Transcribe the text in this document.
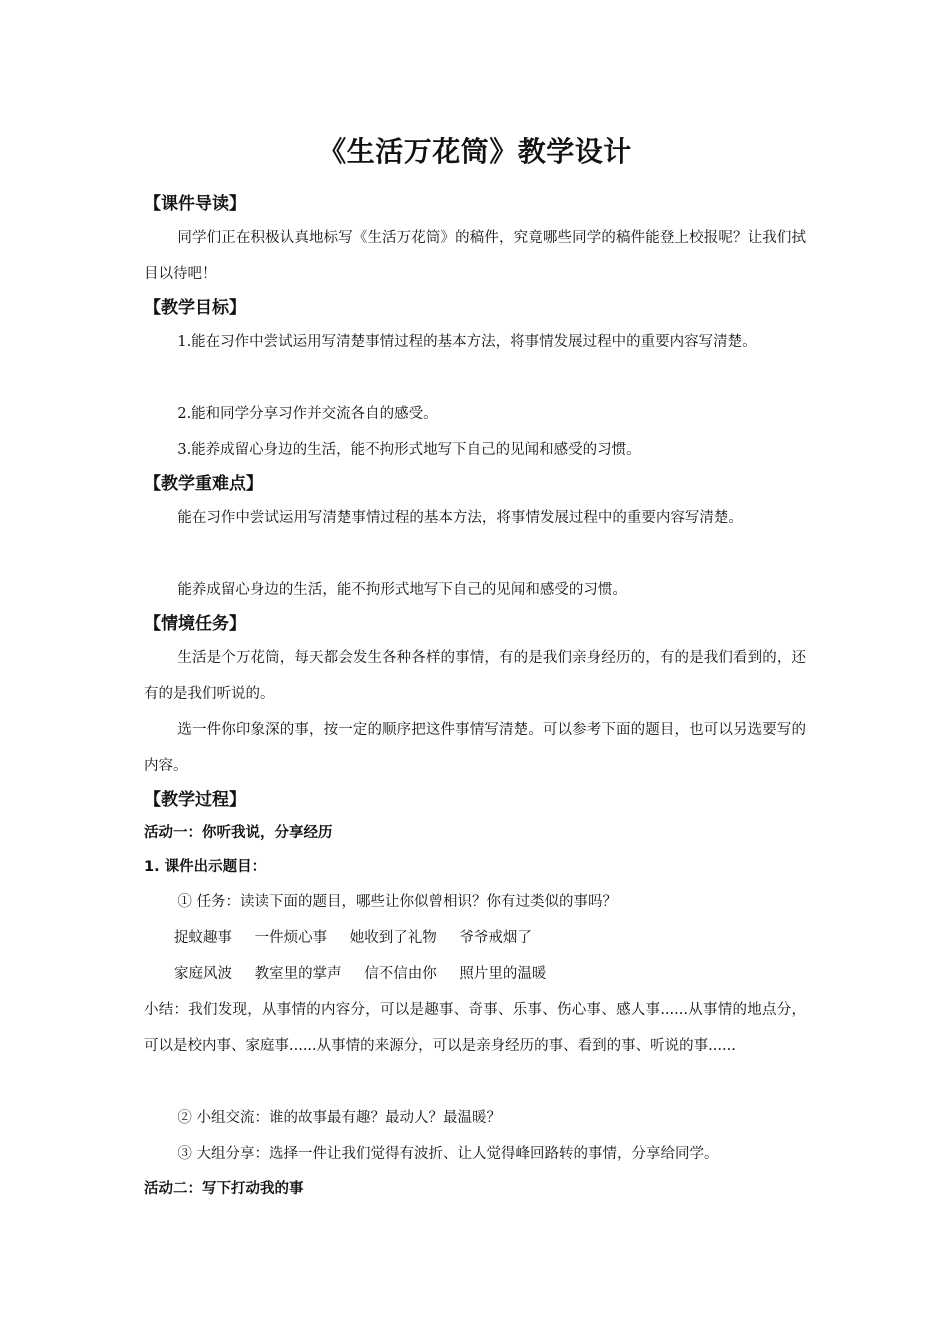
《生活万花筒》教学设计
【课件导读】

同学们正在积极认真地标写《生活万花筒》的稿件，究竟哪些同学的稿件能登上校报呢？让我们拭目以待吧！

【教学目标】

1.能在习作中尝试运用写清楚事情过程的基本方法，将事情发展过程中的重要内容写清楚。

2.能和同学分享习作并交流各自的感受。

3.能养成留心身边的生活，能不拘形式地写下自己的见闻和感受的习惯。

【教学重难点】

能在习作中尝试运用写清楚事情过程的基本方法，将事情发展过程中的重要内容写清楚。

能养成留心身边的生活，能不拘形式地写下自己的见闻和感受的习惯。

【情境任务】

生活是个万花筒，每天都会发生各种各样的事情，有的是我们亲身经历的，有的是我们看到的，还有的是我们听说的。

选一件你印象深的事，按一定的顺序把这件事情写清楚。可以参考下面的题目，也可以另选要写的内容。

【教学过程】
活动一：你听我说，分享经历
1. 课件出示题目：

① 任务：读读下面的题目，哪些让你似曾相识？你有过类似的事吗？

捉蚊趣事 一件烦心事 她收到了礼物 爷爷戒烟了
家庭风波 教室里的掌声 信不信由你 照片里的温暖

小结：我们发现，从事情的内容分，可以是趣事、奇事、乐事、伤心事、感人事......从事情的地点分，可以是校内事、家庭事......从事情的来源分，可以是亲身经历的事、看到的事、听说的事......

② 小组交流：谁的故事最有趣？最动人？最温暖？

③ 大组分享：选择一件让我们觉得有波折、让人觉得峰回路转的事情，分享给同学。

活动二：写下打动我的事
